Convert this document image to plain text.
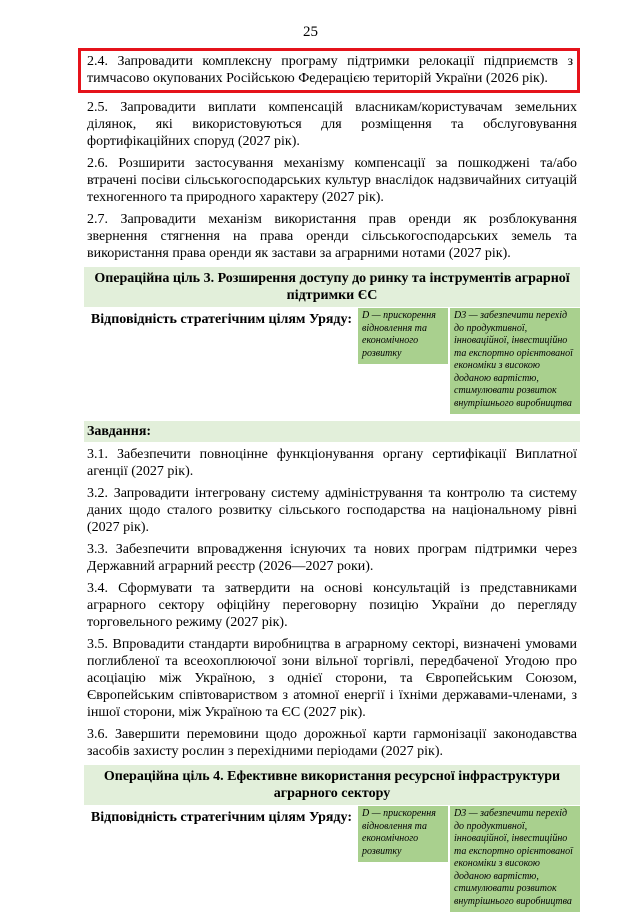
25

2.4. Запровадити комплексну програму підтримки релокації підприємств з тимчасово окупованих Російською Федерацією територій України (2026 рік).

2.5. Запровадити виплати компенсацій власникам/користувачам земельних ділянок, які використовуються для розміщення та обслуговування фортифікаційних споруд (2027 рік).

2.6. Розширити застосування механізму компенсації за пошкоджені та/або втрачені посіви сільськогосподарських культур внаслідок надзвичайних ситуацій техногенного та природного характеру (2027 рік).

2.7. Запровадити механізм використання прав оренди як розблокування звернення стягнення на права оренди сільськогосподарських земель та використання права оренди як застави за аграрними нотами (2027 рік).

Операційна ціль 3. Розширення доступу до ринку та інструментів аграрної підтримки ЄС
Відповідність стратегічним цілям Уряду:	D — прискорення відновлення та економічного розвитку
D3 — забезпечити перехід до продуктивної, інноваційної, інвестиційно та експортно орієнтованої економіки з високою доданою вартістю, стимулювати розвиток внутрішнього виробництва
Завдання:

3.1. Забезпечити повноцінне функціонування органу сертифікації Виплатної агенції (2027 рік).

3.2. Запровадити інтегровану систему адміністрування та контролю та систему даних щодо сталого розвитку сільського господарства на національному рівні (2027 рік).

3.3. Забезпечити впровадження існуючих та нових програм підтримки через Державний аграрний реєстр (2026—2027 роки).

3.4. Сформувати та затвердити на основі консультацій із представниками аграрного сектору офіційну переговорну позицію України до перегляду торговельного режиму (2027 рік).

3.5. Впровадити стандарти виробництва в аграрному секторі, визначені умовами поглибленої та всеохоплюючої зони вільної торгівлі, передбаченої Угодою про асоціацію між Україною, з однієї сторони, та Європейським Союзом, Європейським співтовариством з атомної енергії і їхніми державами-членами, з іншої сторони, між Україною та ЄС (2027 рік).

3.6. Завершити перемовини щодо дорожньої карти гармонізації законодавства засобів захисту рослин з перехідними періодами (2027 рік).

Операційна ціль 4. Ефективне використання ресурсної інфраструктури аграрного сектору
Відповідність стратегічним цілям Уряду:	D — прискорення відновлення та економічного розвитку
D3 — забезпечити перехід до продуктивної, інноваційної, інвестиційно та експортно орієнтованої економіки з високою доданою вартістю, стимулювати розвиток внутрішнього виробництва
